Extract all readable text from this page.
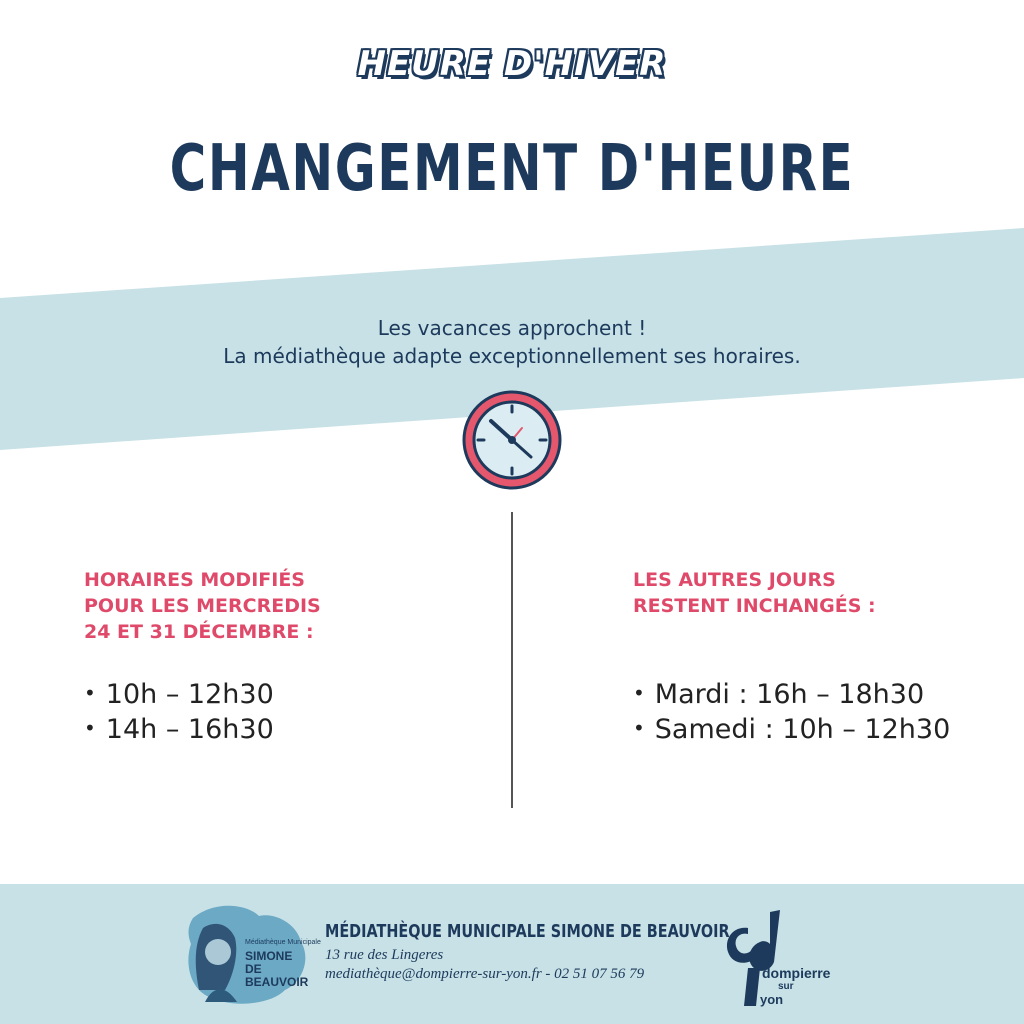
HEURE D'HIVER
CHANGEMENT D'HEURE
Les vacances approchent !
La médiathèque adapte exceptionnellement ses horaires.
HORAIRES MODIFIÉS
POUR LES MERCREDIS
24 ET 31 DÉCEMBRE :
• 10h – 12h30
• 14h – 16h30
LES AUTRES JOURS
RESTENT INCHANGÉS :
• Mardi : 16h – 18h30
• Samedi : 10h – 12h30
Médiathèque Municipale
SIMONE
DE BEAUVOIR
MÉDIATHÈQUE MUNICIPALE SIMONE DE BEAUVOIR
13 rue des Lingeres
mediathèque@dompierre-sur-yon.fr - 02 51 07 56 79	dompierre
sur
yon
